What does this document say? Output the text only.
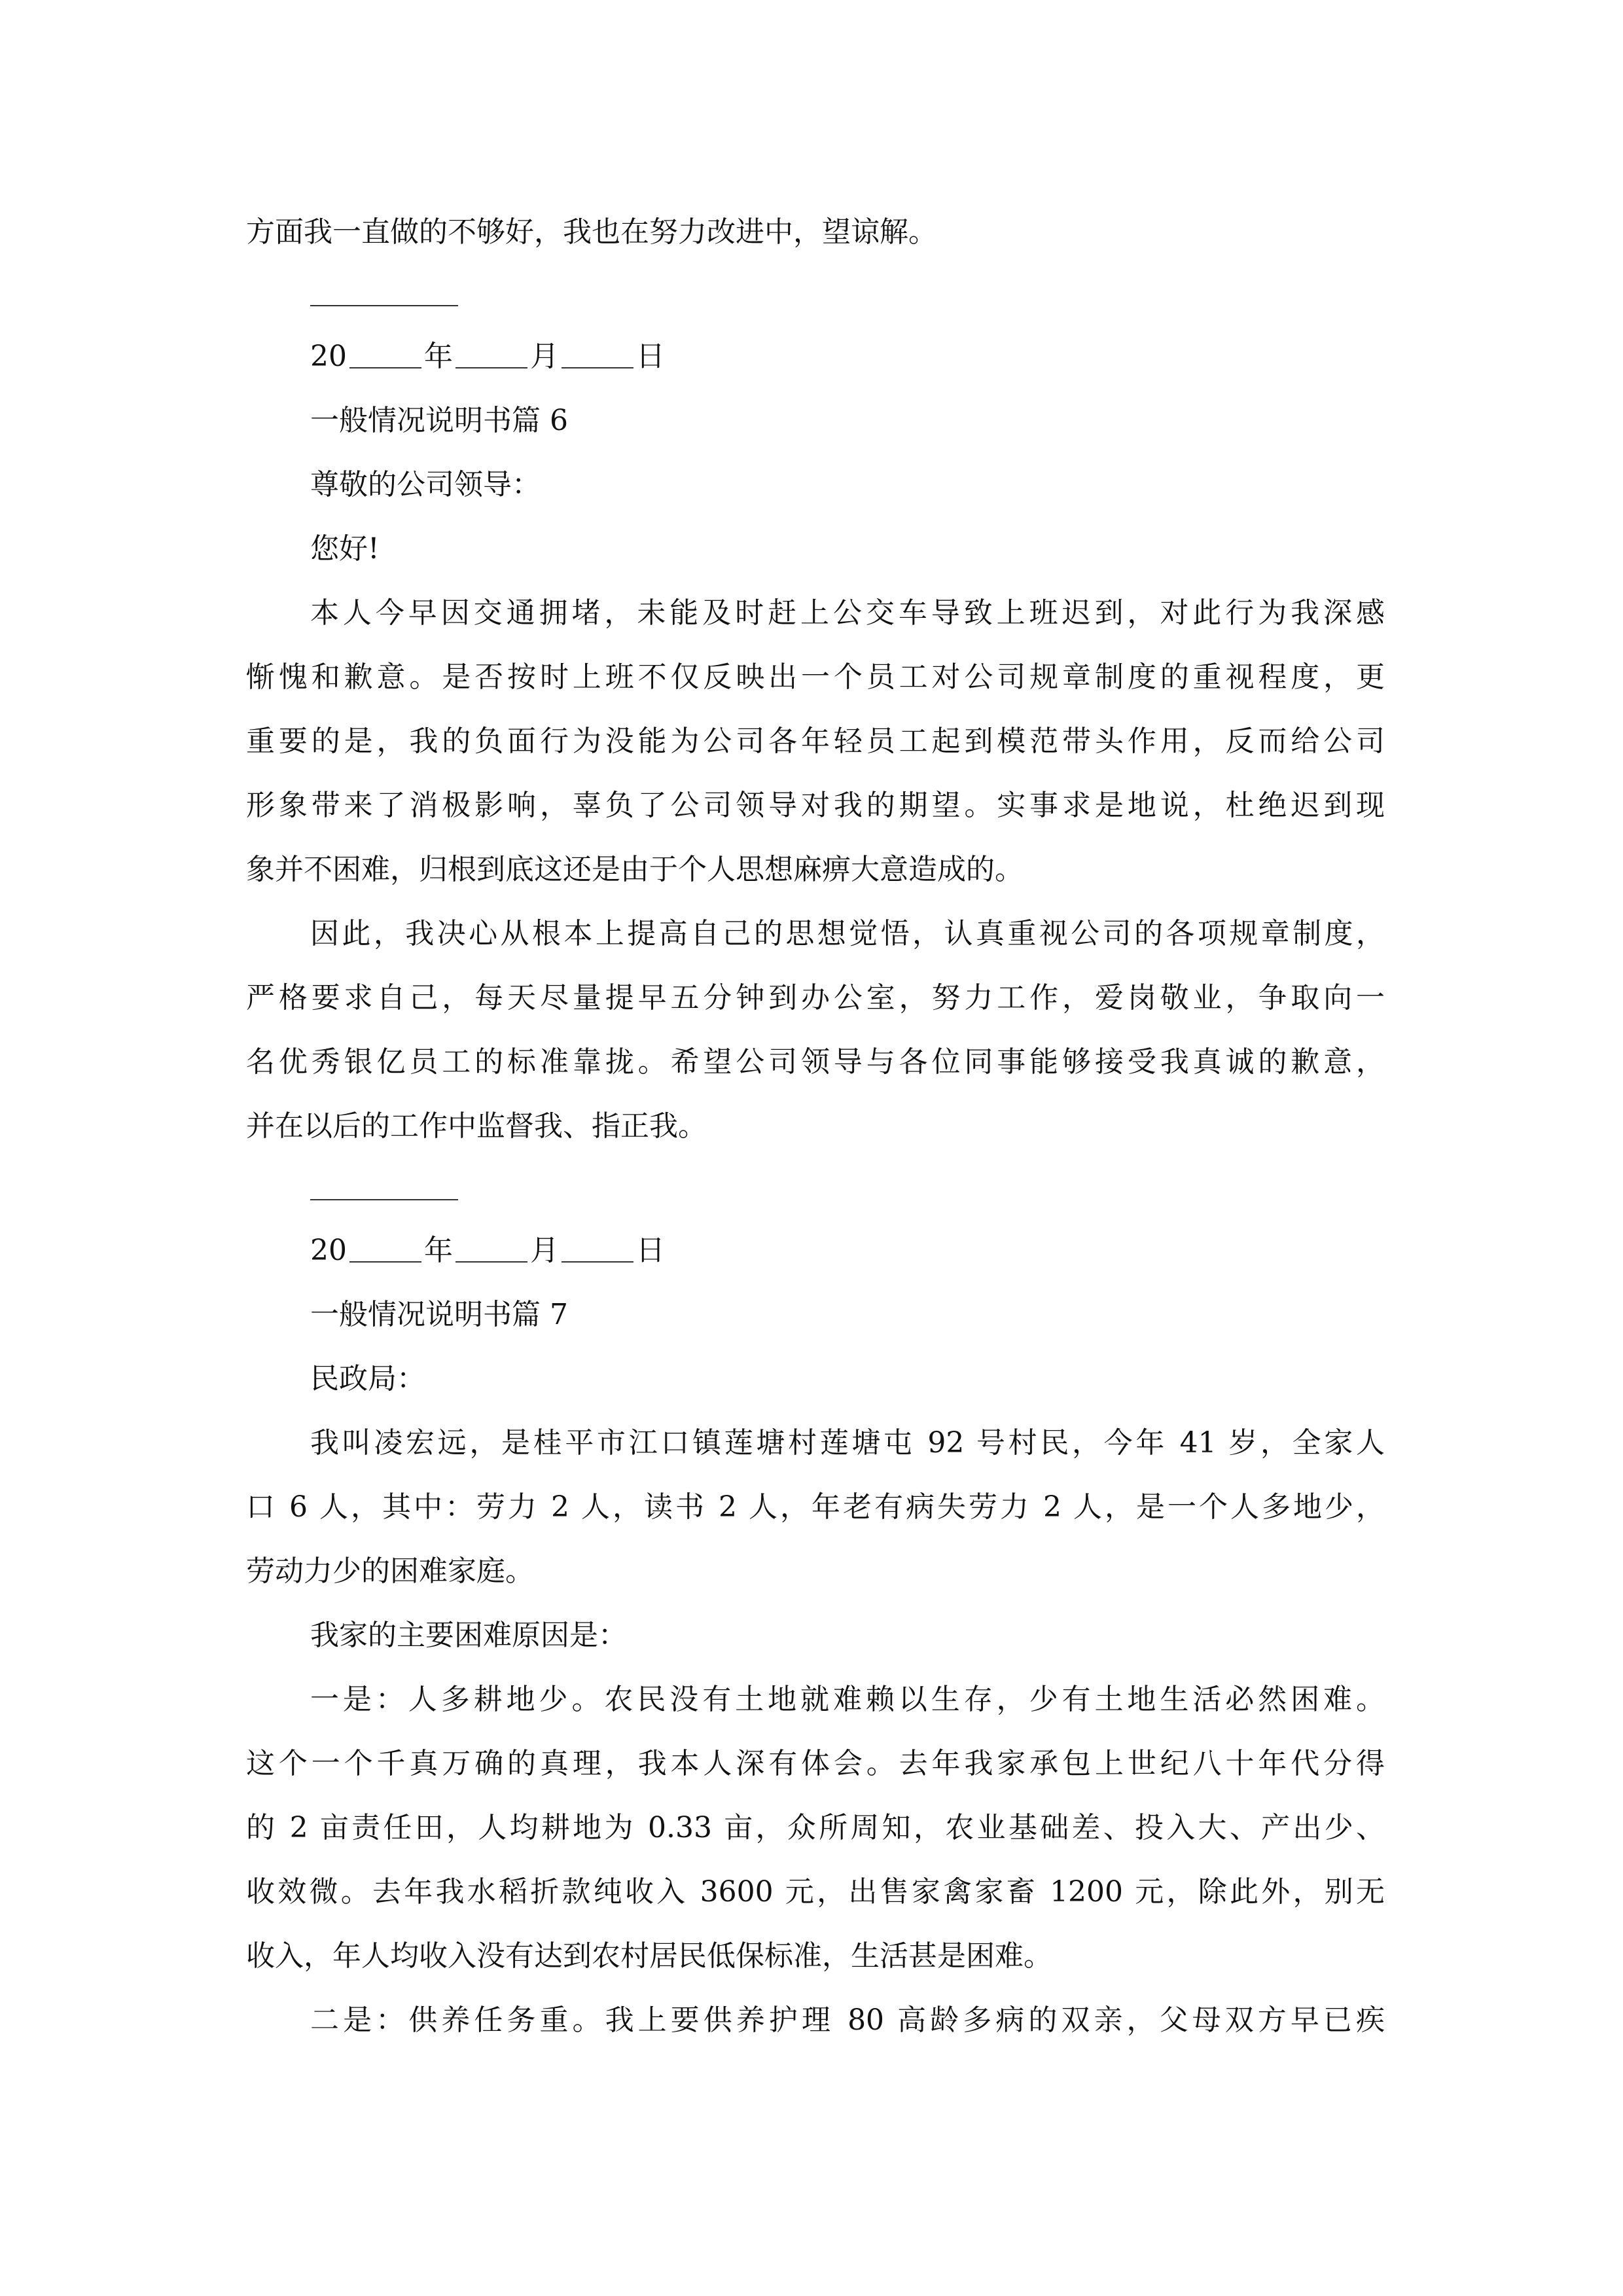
方面我一直做的不够好，我也在努力改进中，望谅解。
20	年	月	日
一般情况说明书篇 6
尊敬的公司领导：
您好!
本人今早因交通拥堵，未能及时赶上公交车导致上班迟到，对此行为我深感
惭愧和歉意。是否按时上班不仅反映出一个员工对公司规章制度的重视程度，更
重要的是，我的负面行为没能为公司各年轻员工起到模范带头作用，反而给公司
形象带来了消极影响，辜负了公司领导对我的期望。实事求是地说，杜绝迟到现
象并不困难，归根到底这还是由于个人思想麻痹大意造成的。
因此，我决心从根本上提高自己的思想觉悟，认真重视公司的各项规章制度，
严格要求自己，每天尽量提早五分钟到办公室，努力工作，爱岗敬业，争取向一
名优秀银亿员工的标准靠拢。希望公司领导与各位同事能够接受我真诚的歉意，
并在以后的工作中监督我、指正我。
20	年	月	日
一般情况说明书篇 7
民政局：
我叫凌宏远，是桂平市江口镇莲塘村莲塘屯 92 号村民，今年 41 岁，全家人
口 6 人，其中：劳力 2 人，读书 2 人，年老有病失劳力 2 人，是一个人多地少，
劳动力少的困难家庭。
我家的主要困难原因是：
一是：人多耕地少。农民没有土地就难赖以生存，少有土地生活必然困难。
这个一个千真万确的真理，我本人深有体会。去年我家承包上世纪八十年代分得
的 2 亩责任田，人均耕地为 0.33 亩，众所周知，农业基础差、投入大、产出少、
收效微。去年我水稻折款纯收入 3600 元，出售家禽家畜 1200 元，除此外，别无
收入，年人均收入没有达到农村居民低保标准，生活甚是困难。
二是：供养任务重。我上要供养护理 80 高龄多病的双亲，父母双方早已疾
